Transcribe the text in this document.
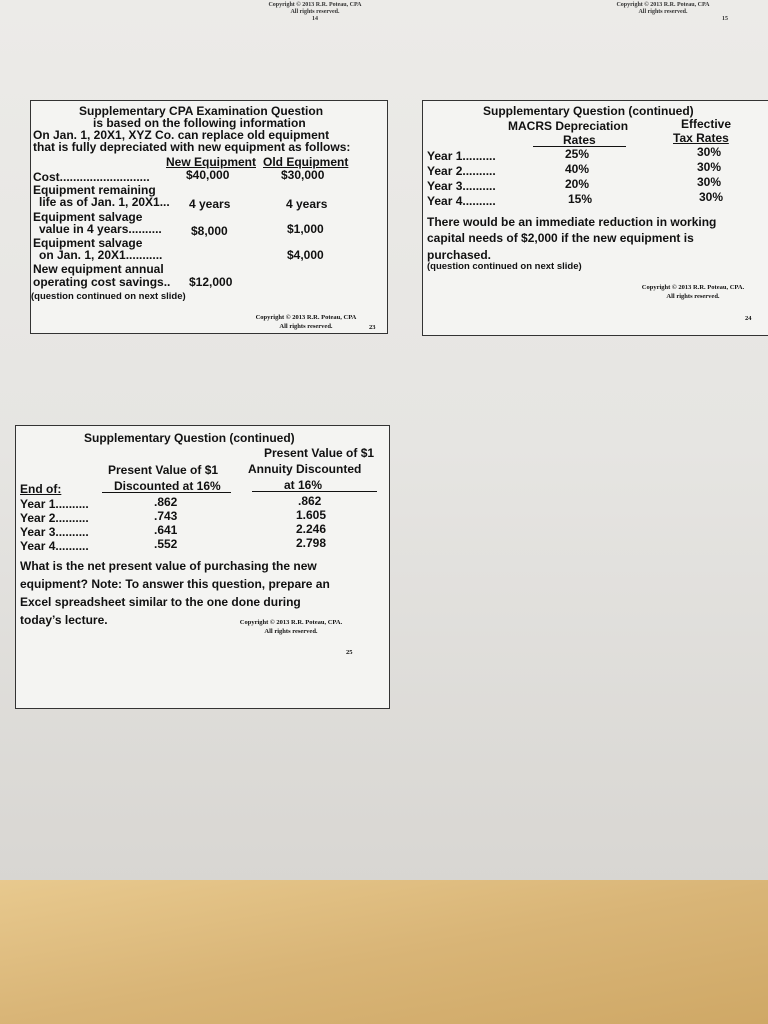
Copyright © 2013 R.R. Poteau, CPA
All rights reserved.
14
Copyright © 2013 R.R. Poteau, CPA
All rights reserved.
15
Supplementary CPA Examination Question
is based on the following information
On Jan. 1, 20X1, XYZ Co. can replace old equipment
that is fully depreciated with new equipment as follows:
New Equipment Old Equipment
Cost...........................	$40,000	$30,000
Equipment remaining
life as of Jan. 1, 20X1... 4 years	4 years
Equipment salvage
value in 4 years.......... $8,000	$1,000
Equipment salvage
on Jan. 1, 20X1...........	$4,000
New equipment annual
operating cost savings.. $12,000
(question continued on next slide)
Copyright © 2013 R.R. Poteau, CPA
All rights reserved.	23
Supplementary Question (continued)
MACRS Depreciation
Rates
Effective
Tax Rates
Year 1..........	25%	30%
Year 2..........	40%	30%
Year 3..........	20%	30%
Year 4..........	15%	30%
There would be an immediate reduction in working
capital needs of $2,000 if the new equipment is
purchased.
(question continued on next slide)
Copyright © 2013 R.R. Poteau, CPA.
All rights reserved.
24
Supplementary Question (continued)
Present Value of $1
Present Value of $1 Annuity Discounted
Discounted at 16%	at 16%
End of:
Year 1..........	.862	.862
Year 2..........	.743	1.605
Year 3..........	.641	2.246
Year 4..........	.552	2.798
What is the net present value of purchasing the new
equipment? Note: To answer this question, prepare an
Excel spreadsheet similar to the one done during
today’s lecture.	Copyright © 2013 R.R. Poteau, CPA.
All rights reserved.
25
